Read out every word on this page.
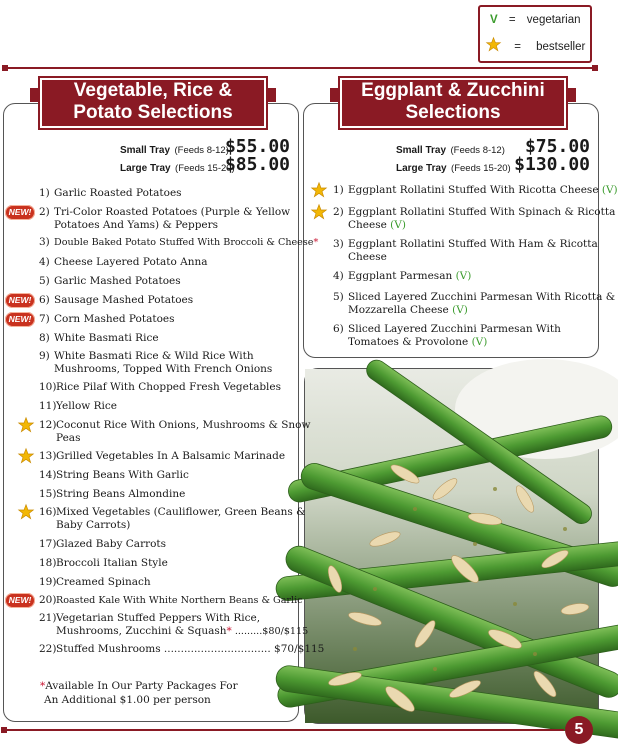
V = vegetarian
= bestseller
Vegetable, Rice &
Potato Selections
Small Tray (Feeds 8-12)
$55.00
Large Tray (Feeds 15-20)
$85.00
*Available In Our Party Packages For
An Additional $1.00 per person
Eggplant & Zucchini
Selections
Small Tray (Feeds 8-12) $75.00
Large Tray (Feeds 15-20) $130.00
5
1) Garlic Roasted Potatoes
2) Tri-Color Roasted Potatoes (Purple & Yellow
Potatoes And Yams) & Peppers
NEW!
3) Double Baked Potato Stuffed With Broccoli & Cheese*
4) Cheese Layered Potato Anna
5) Garlic Mashed Potatoes
6) Sausage Mashed Potatoes
NEW!
7) Corn Mashed Potatoes
NEW!
8) White Basmati Rice
9) White Basmati Rice & Wild Rice With
Mushrooms, Topped With French Onions
10) Rice Pilaf With Chopped Fresh Vegetables
11) Yellow Rice
12) Coconut Rice With Onions, Mushrooms & Snow
Peas
13) Grilled Vegetables In A Balsamic Marinade
14) String Beans With Garlic
15) String Beans Almondine
16) Mixed Vegetables (Cauliflower, Green Beans &
Baby Carrots)
17) Glazed Baby Carrots
18) Broccoli Italian Style
19) Creamed Spinach
20) Roasted Kale With White Northern Beans & Garlic
NEW!
21) Vegetarian Stuffed Peppers With Rice,
Mushrooms, Zucchini & Squash* .........$80/$115
22) Stuffed Mushrooms ................................ $70/$115
1) Eggplant Rollatini Stuffed With Ricotta Cheese (V)
2) Eggplant Rollatini Stuffed With Spinach & Ricotta
Cheese (V)
3) Eggplant Rollatini Stuffed With Ham & Ricotta
Cheese
4) Eggplant Parmesan (V)
5) Sliced Layered Zucchini Parmesan With Ricotta &
Mozzarella Cheese (V)
6) Sliced Layered Zucchini Parmesan With
Tomatoes & Provolone (V)
